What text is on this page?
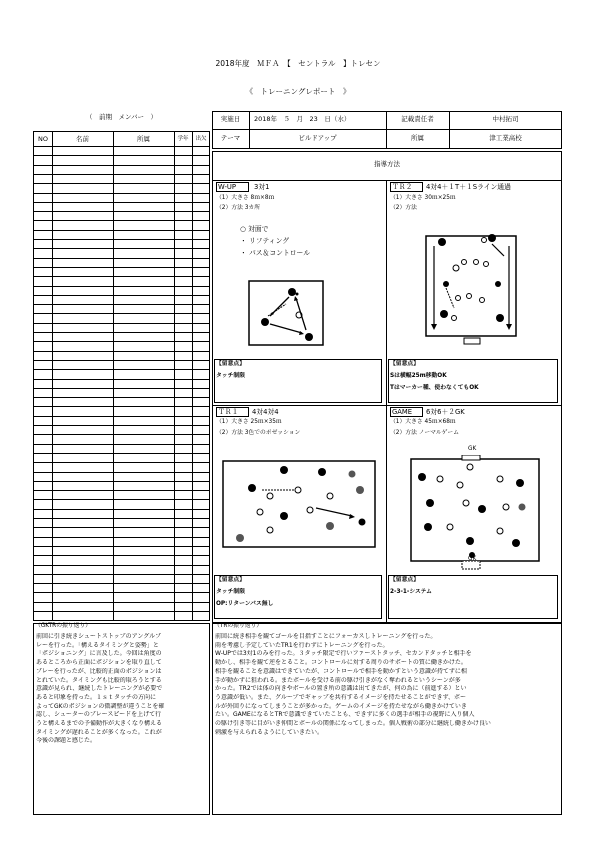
2018年度　ＭＦＡ　【　セントラル　】トレセン
《　トレーニングレポート　》
（　前期　メンバー　）
NO	名前	所属	学年	出欠
実施日	2018年　５　月　23　日（水）	記載責任者	中村拓司
テーマ	ビルドアップ	所属	津工業高校
指導方法
W-UP	3対1
（1）大きさ 8ｍ×8ｍ
（2）方法 3カ所
○ 対面で
・ リフティング
・ パス＆コントロール
【留意点】
タッチ制限
ＴＲ２ 4対4＋１T＋１Sライン通過
（1）大きさ 30ｍ×25ｍ
（2）方法
【留意点】
Sは横幅25m移動OK
Tはマーカー種、使わなくてもOK
ＴＲ１ 4対4対4
（1）大きさ 25ｍ×35ｍ
（2）方法 3色でのポゼッション
【留意点】
タッチ制限
OP:リターンパス無し
GAME 6対6＋２GK
（1）大きさ 45ｍ×68ｍ
（2）方法 ノーマルゲーム
GK
GK
【留意点】
2-3-1-システム
（GKTRの振り返り）
前回に引き続きシュートストップのアングルプ
レーを行った。「構えるタイミングと姿勢」と
「ポジショニング」に言及した。今回は角度の
あるところから正面にポジションを取り直して
プレーを行ったが、比較的正面のポジションは
とれていた。タイミングも比較的取ろうとする
意識が見られ、継続したトレーニングが必要で
あると印象を持った。１ｓｔタッチの方向に
よってGKのポジションの微調整が違うことを確
認し、シューターのプレースピードを上げて行
うと構えるまでの予備動作が大きくなり構える
タイミングが遅れることが多くなった。これが
今後の課題と感じた。
（TRの振り返り）
前回に続き相手を観てゴールを目指すことにフォーカスしトレーニングを行った。
雨を考慮し予定していたTR1を行わずにトレーニングを行った。
W-UPでは3対1のみを行った。３タッチ限定で行いファーストタッチ、セカンドタッチと相手を
動かし、相手を観て逆をとること。コントロールに対する周りのサポートの質に働きかけた。
相手を観ることを意識はできていたが、コントロールで相手を動かすという意識が持てずに相
手が動かずに狙われる。またボールを受ける前の駆け引きがなく奪われるというシーンが多
かった。TR2では体の向きやボールの置き所の意識は出てきたが、何の為に（前進する）とい
う意識が低い。また、グループでギャップを共有するイメージを持たせることができず、ボー
ルが外回りになってしまうことが多かった。ゲームのイメージを持たせながら働きかけていき
たい。GAMEになるとTRで意識できていたことも、できずに多くの選手が相手の視野に入り個人
の駆け引き等に目がいき仲間とボールの関係になってしまった。個人戦術の部分に継続し働きかけ良い
刺激を与えられるようにしていきたい。
